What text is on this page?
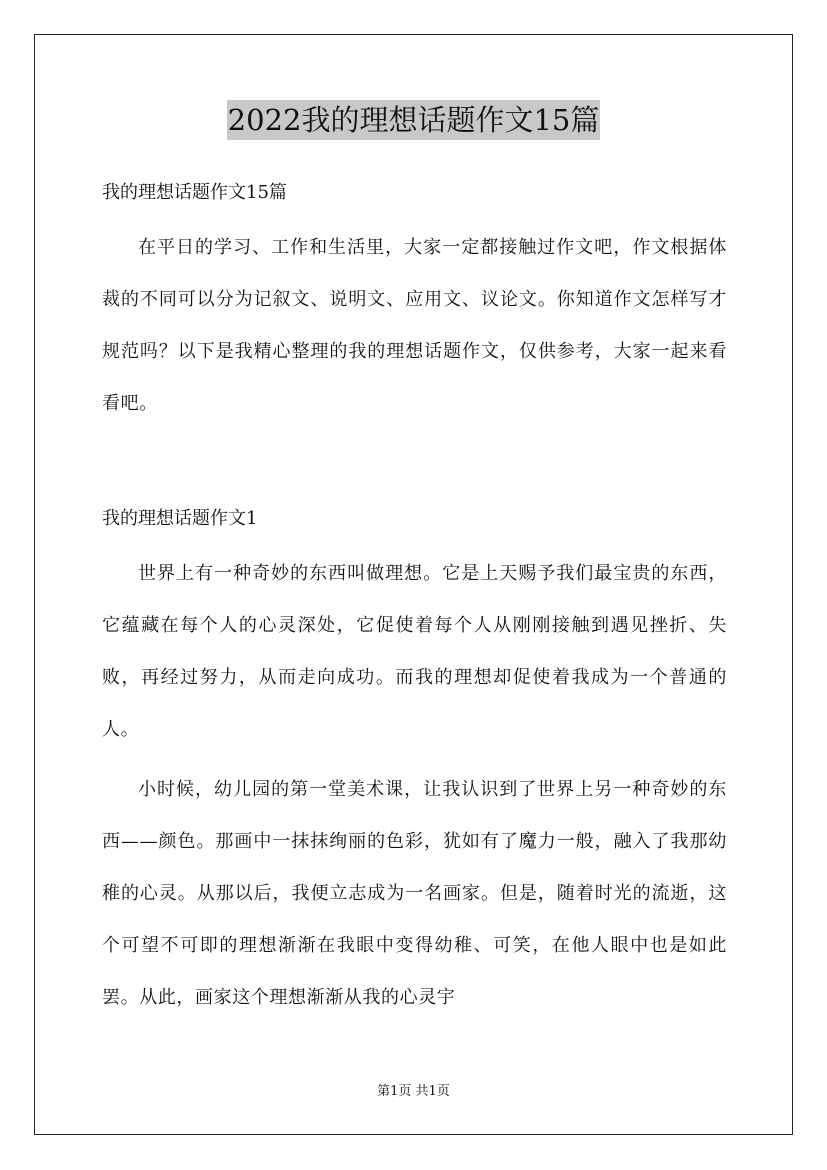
2022我的理想话题作文15篇
我的理想话题作文15篇

在平日的学习、工作和生活里，大家一定都接触过作文吧，作文根据体裁的不同可以分为记叙文、说明文、应用文、议论文。你知道作文怎样写才规范吗？以下是我精心整理的我的理想话题作文，仅供参考，大家一起来看看吧。

我的理想话题作文1

世界上有一种奇妙的东西叫做理想。它是上天赐予我们最宝贵的东西，它蕴藏在每个人的心灵深处，它促使着每个人从刚刚接触到遇见挫折、失败，再经过努力，从而走向成功。而我的理想却促使着我成为一个普通的人。

小时候，幼儿园的第一堂美术课，让我认识到了世界上另一种奇妙的东西——颜色。那画中一抹抹绚丽的色彩，犹如有了魔力一般，融入了我那幼稚的心灵。从那以后，我便立志成为一名画家。但是，随着时光的流逝，这个可望不可即的理想渐渐在我眼中变得幼稚、可笑，在他人眼中也是如此罢。从此，画家这个理想渐渐从我的心灵宇

第1页 共1页
